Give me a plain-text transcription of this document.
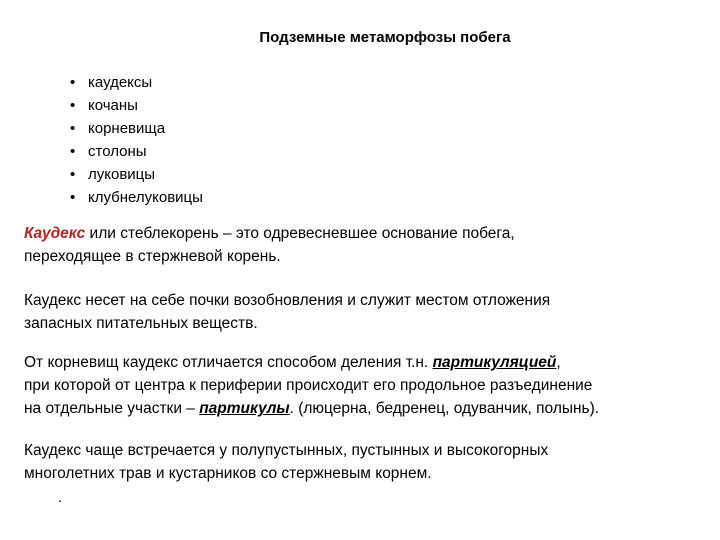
Подземные метаморфозы побега
• каудексы
• кочаны
• корневища
• столоны
• луковицы
• клубнелуковицы

Каудекс или стеблекорень – это одревесневшее основание побега,
переходящее в стержневой корень.

Каудекс несет на себе почки возобновления и служит местом отложения
запасных питательных веществ.

От корневищ каудекс отличается способом деления т.н. партикуляцией,
при которой от центра к периферии происходит его продольное разъединение
на отдельные участки – партикулы. (люцерна, бедренец, одуванчик, полынь).

Каудекс чаще встречается у полупустынных, пустынных и высокогорных
многолетних трав и кустарников со стержневым корнем.

.
